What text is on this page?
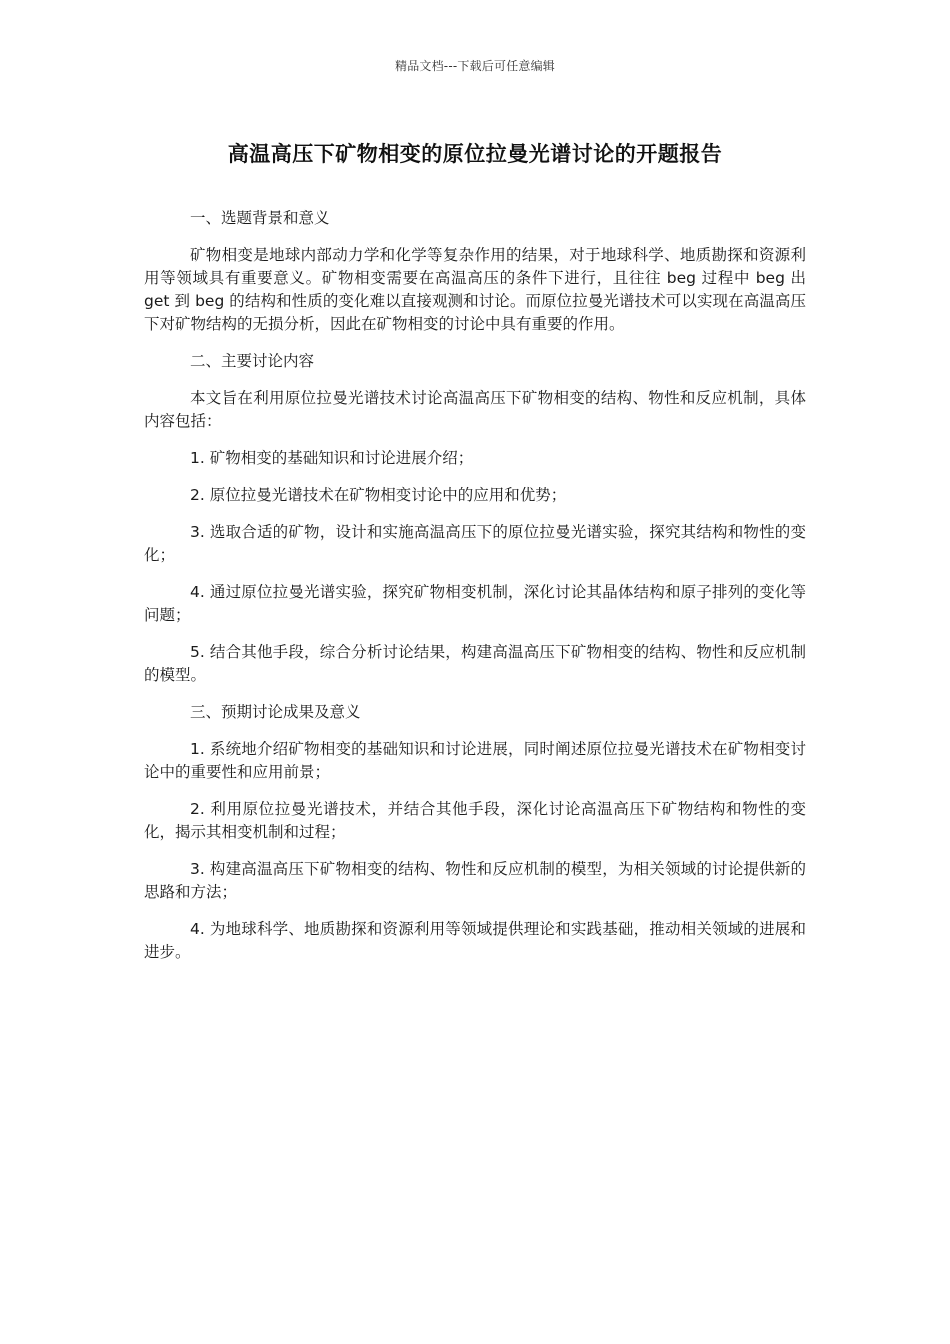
精品文档---下载后可任意编辑
高温高压下矿物相变的原位拉曼光谱讨论的开题报告

一、选题背景和意义

矿物相变是地球内部动力学和化学等复杂作用的结果，对于地球科学、地质勘探和资源利用等领域具有重要意义。矿物相变需要在高温高压的条件下进行，且往往 beg 过程中 beg 出 get 到 beg 的结构和性质的变化难以直接观测和讨论。而原位拉曼光谱技术可以实现在高温高压下对矿物结构的无损分析，因此在矿物相变的讨论中具有重要的作用。

二、主要讨论内容

本文旨在利用原位拉曼光谱技术讨论高温高压下矿物相变的结构、物性和反应机制，具体内容包括：

1. 矿物相变的基础知识和讨论进展介绍；

2. 原位拉曼光谱技术在矿物相变讨论中的应用和优势；

3. 选取合适的矿物，设计和实施高温高压下的原位拉曼光谱实验，探究其结构和物性的变化；

4. 通过原位拉曼光谱实验，探究矿物相变机制，深化讨论其晶体结构和原子排列的变化等问题；

5. 结合其他手段，综合分析讨论结果，构建高温高压下矿物相变的结构、物性和反应机制的模型。

三、预期讨论成果及意义

1. 系统地介绍矿物相变的基础知识和讨论进展，同时阐述原位拉曼光谱技术在矿物相变讨论中的重要性和应用前景；

2. 利用原位拉曼光谱技术，并结合其他手段，深化讨论高温高压下矿物结构和物性的变化，揭示其相变机制和过程；

3. 构建高温高压下矿物相变的结构、物性和反应机制的模型，为相关领域的讨论提供新的思路和方法；

4. 为地球科学、地质勘探和资源利用等领域提供理论和实践基础，推动相关领域的进展和进步。
